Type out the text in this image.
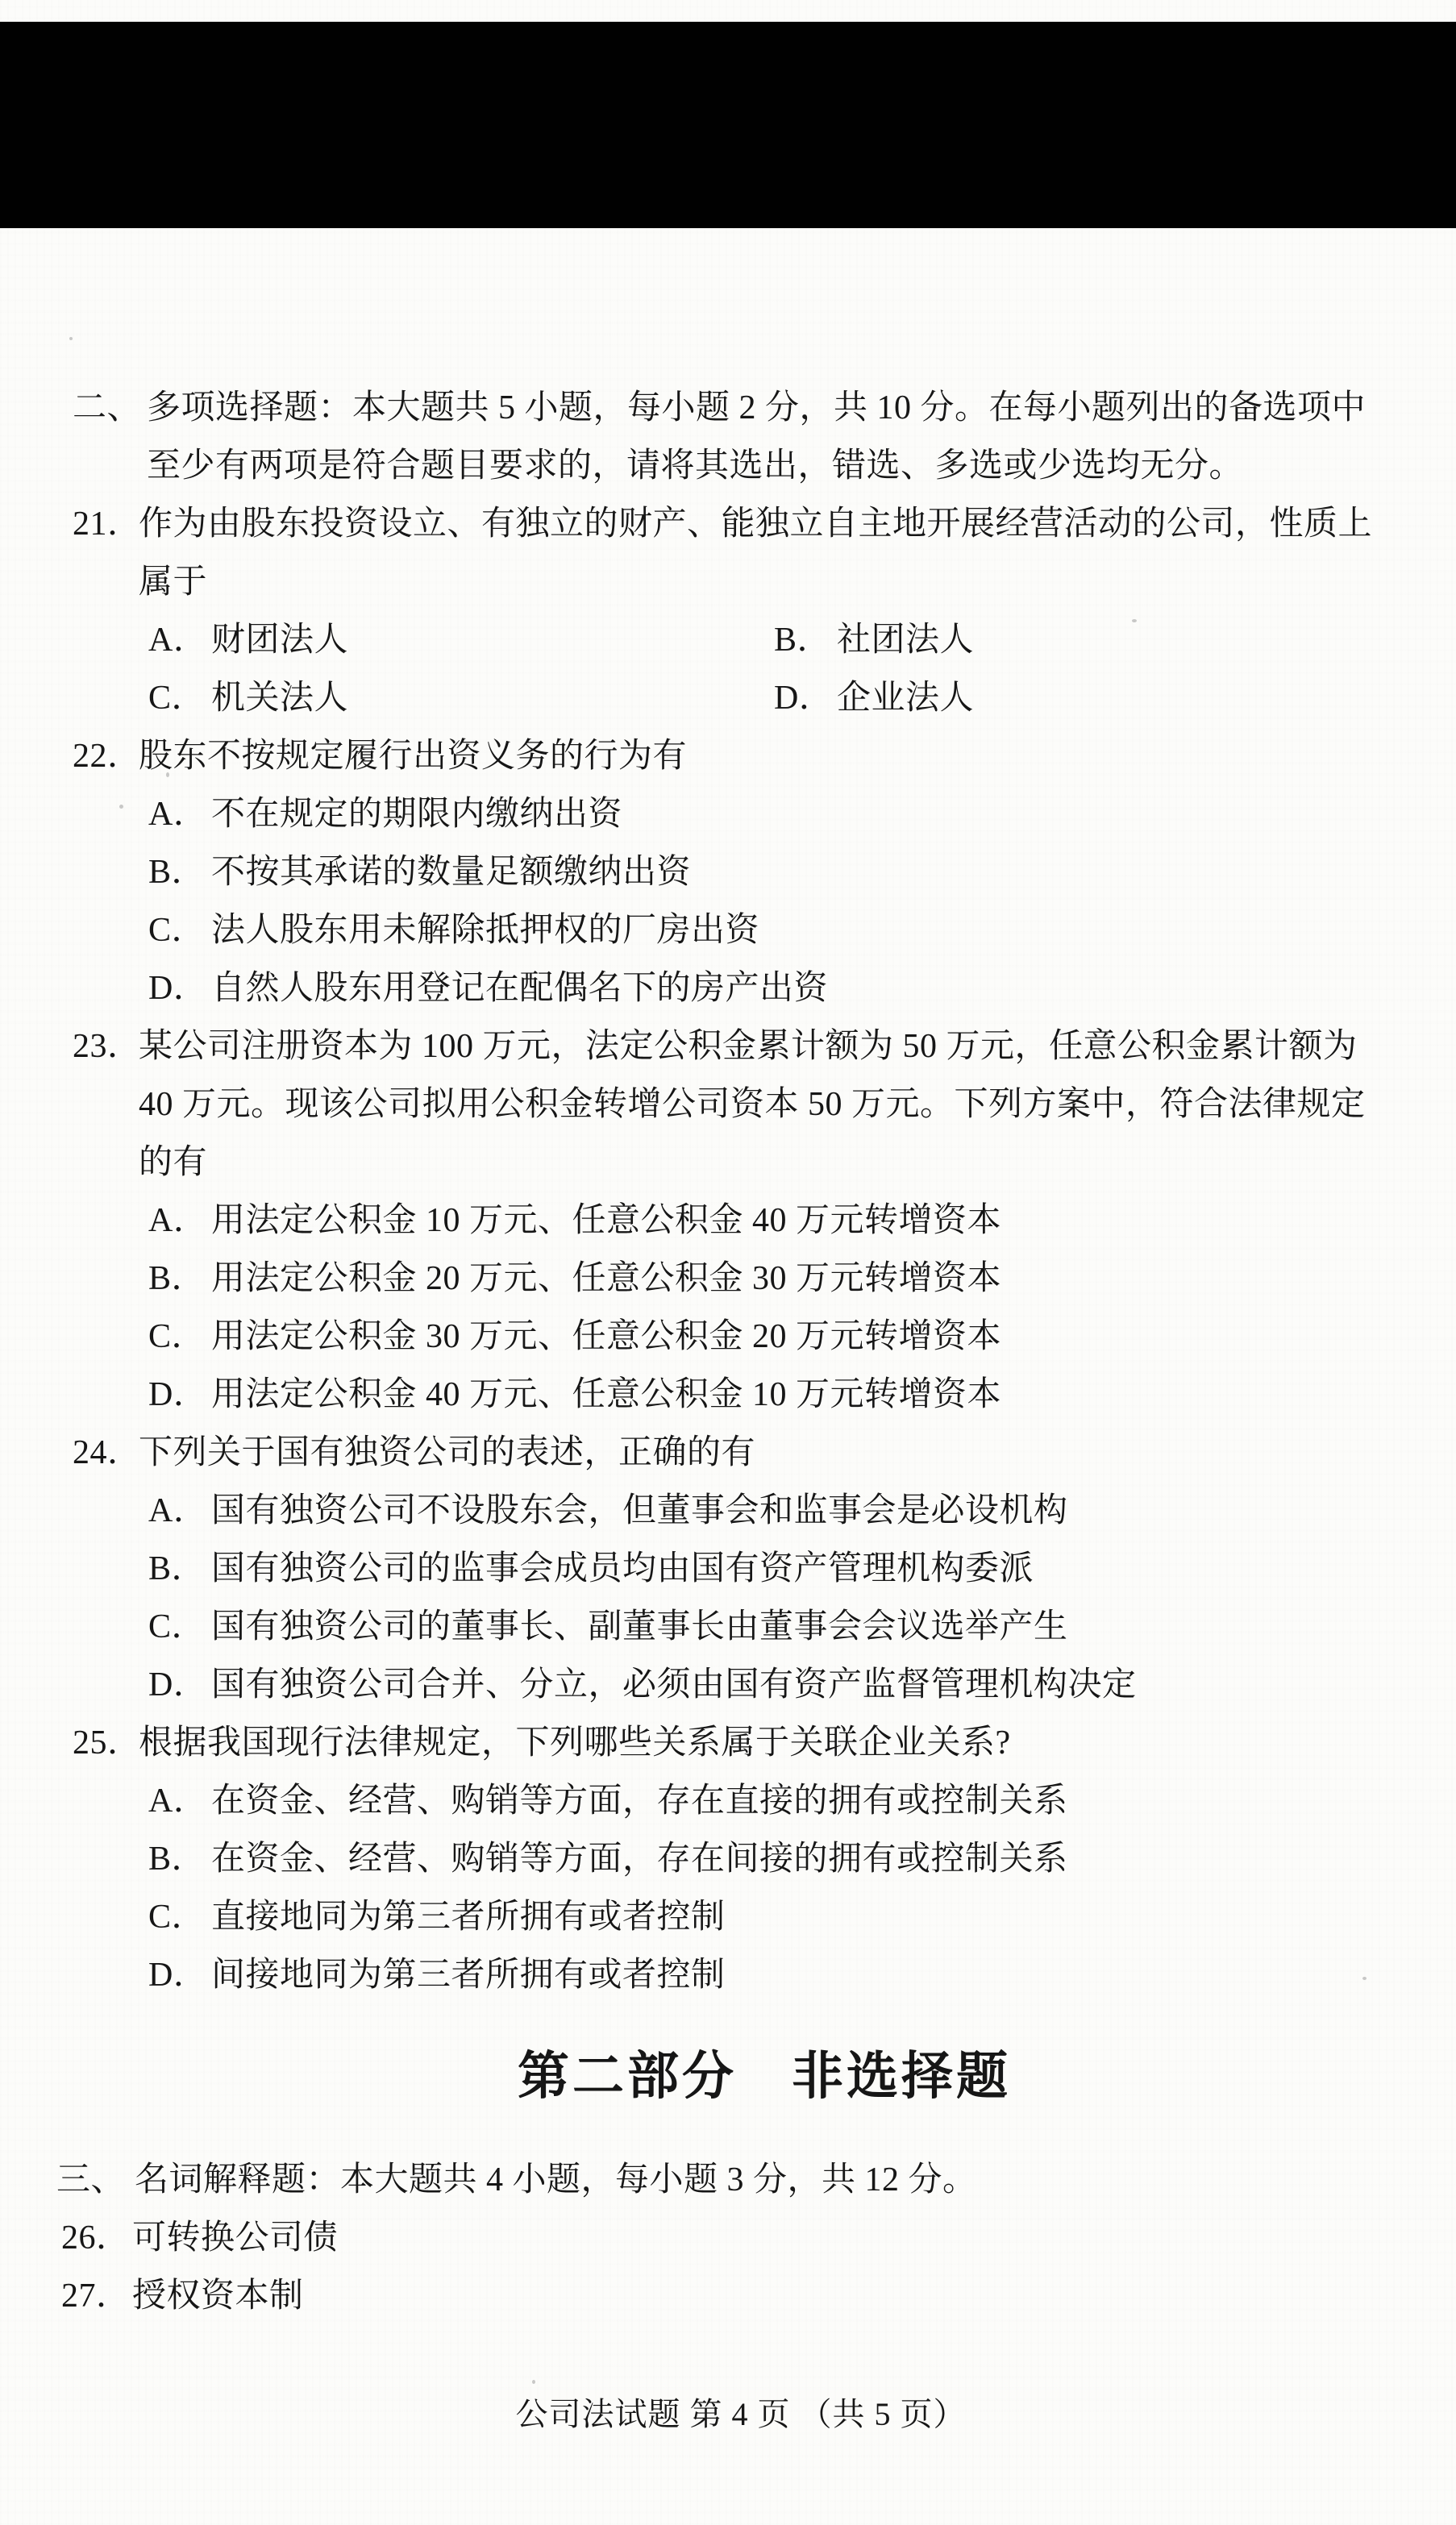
二、 多项选择题：本大题共 5 小题，每小题 2 分，共 10 分。在每小题列出的备选项中
至少有两项是符合题目要求的，请将其选出，错选、多选或少选均无分。
21．
作为由股东投资设立、有独立的财产、能独立自主地开展经营活动的公司，性质上
属于
A． 财团法人	B． 社团法人
C． 机关法人	D． 企业法人
22．
股东不按规定履行出资义务的行为有
A． 不在规定的期限内缴纳出资
B． 不按其承诺的数量足额缴纳出资
C． 法人股东用未解除抵押权的厂房出资
D． 自然人股东用登记在配偶名下的房产出资
23．
某公司注册资本为 100 万元，法定公积金累计额为 50 万元，任意公积金累计额为
40 万元。现该公司拟用公积金转增公司资本 50 万元。下列方案中，符合法律规定
的有
A． 用法定公积金 10 万元、任意公积金 40 万元转增资本
B． 用法定公积金 20 万元、任意公积金 30 万元转增资本
C． 用法定公积金 30 万元、任意公积金 20 万元转增资本
D． 用法定公积金 40 万元、任意公积金 10 万元转增资本
24．
下列关于国有独资公司的表述，正确的有
A． 国有独资公司不设股东会，但董事会和监事会是必设机构
B． 国有独资公司的监事会成员均由国有资产管理机构委派
C． 国有独资公司的董事长、副董事长由董事会会议选举产生
D． 国有独资公司合并、分立，必须由国有资产监督管理机构决定
25．
根据我国现行法律规定，下列哪些关系属于关联企业关系?
A． 在资金、经营、购销等方面，存在直接的拥有或控制关系
B． 在资金、经营、购销等方面，存在间接的拥有或控制关系
C． 直接地同为第三者所拥有或者控制
D． 间接地同为第三者所拥有或者控制
第二部分　非选择题
三、 名词解释题：本大题共 4 小题，每小题 3 分，共 12 分。
26． 可转换公司债
27． 授权资本制
公司法试题 第 4 页 （共 5 页）
